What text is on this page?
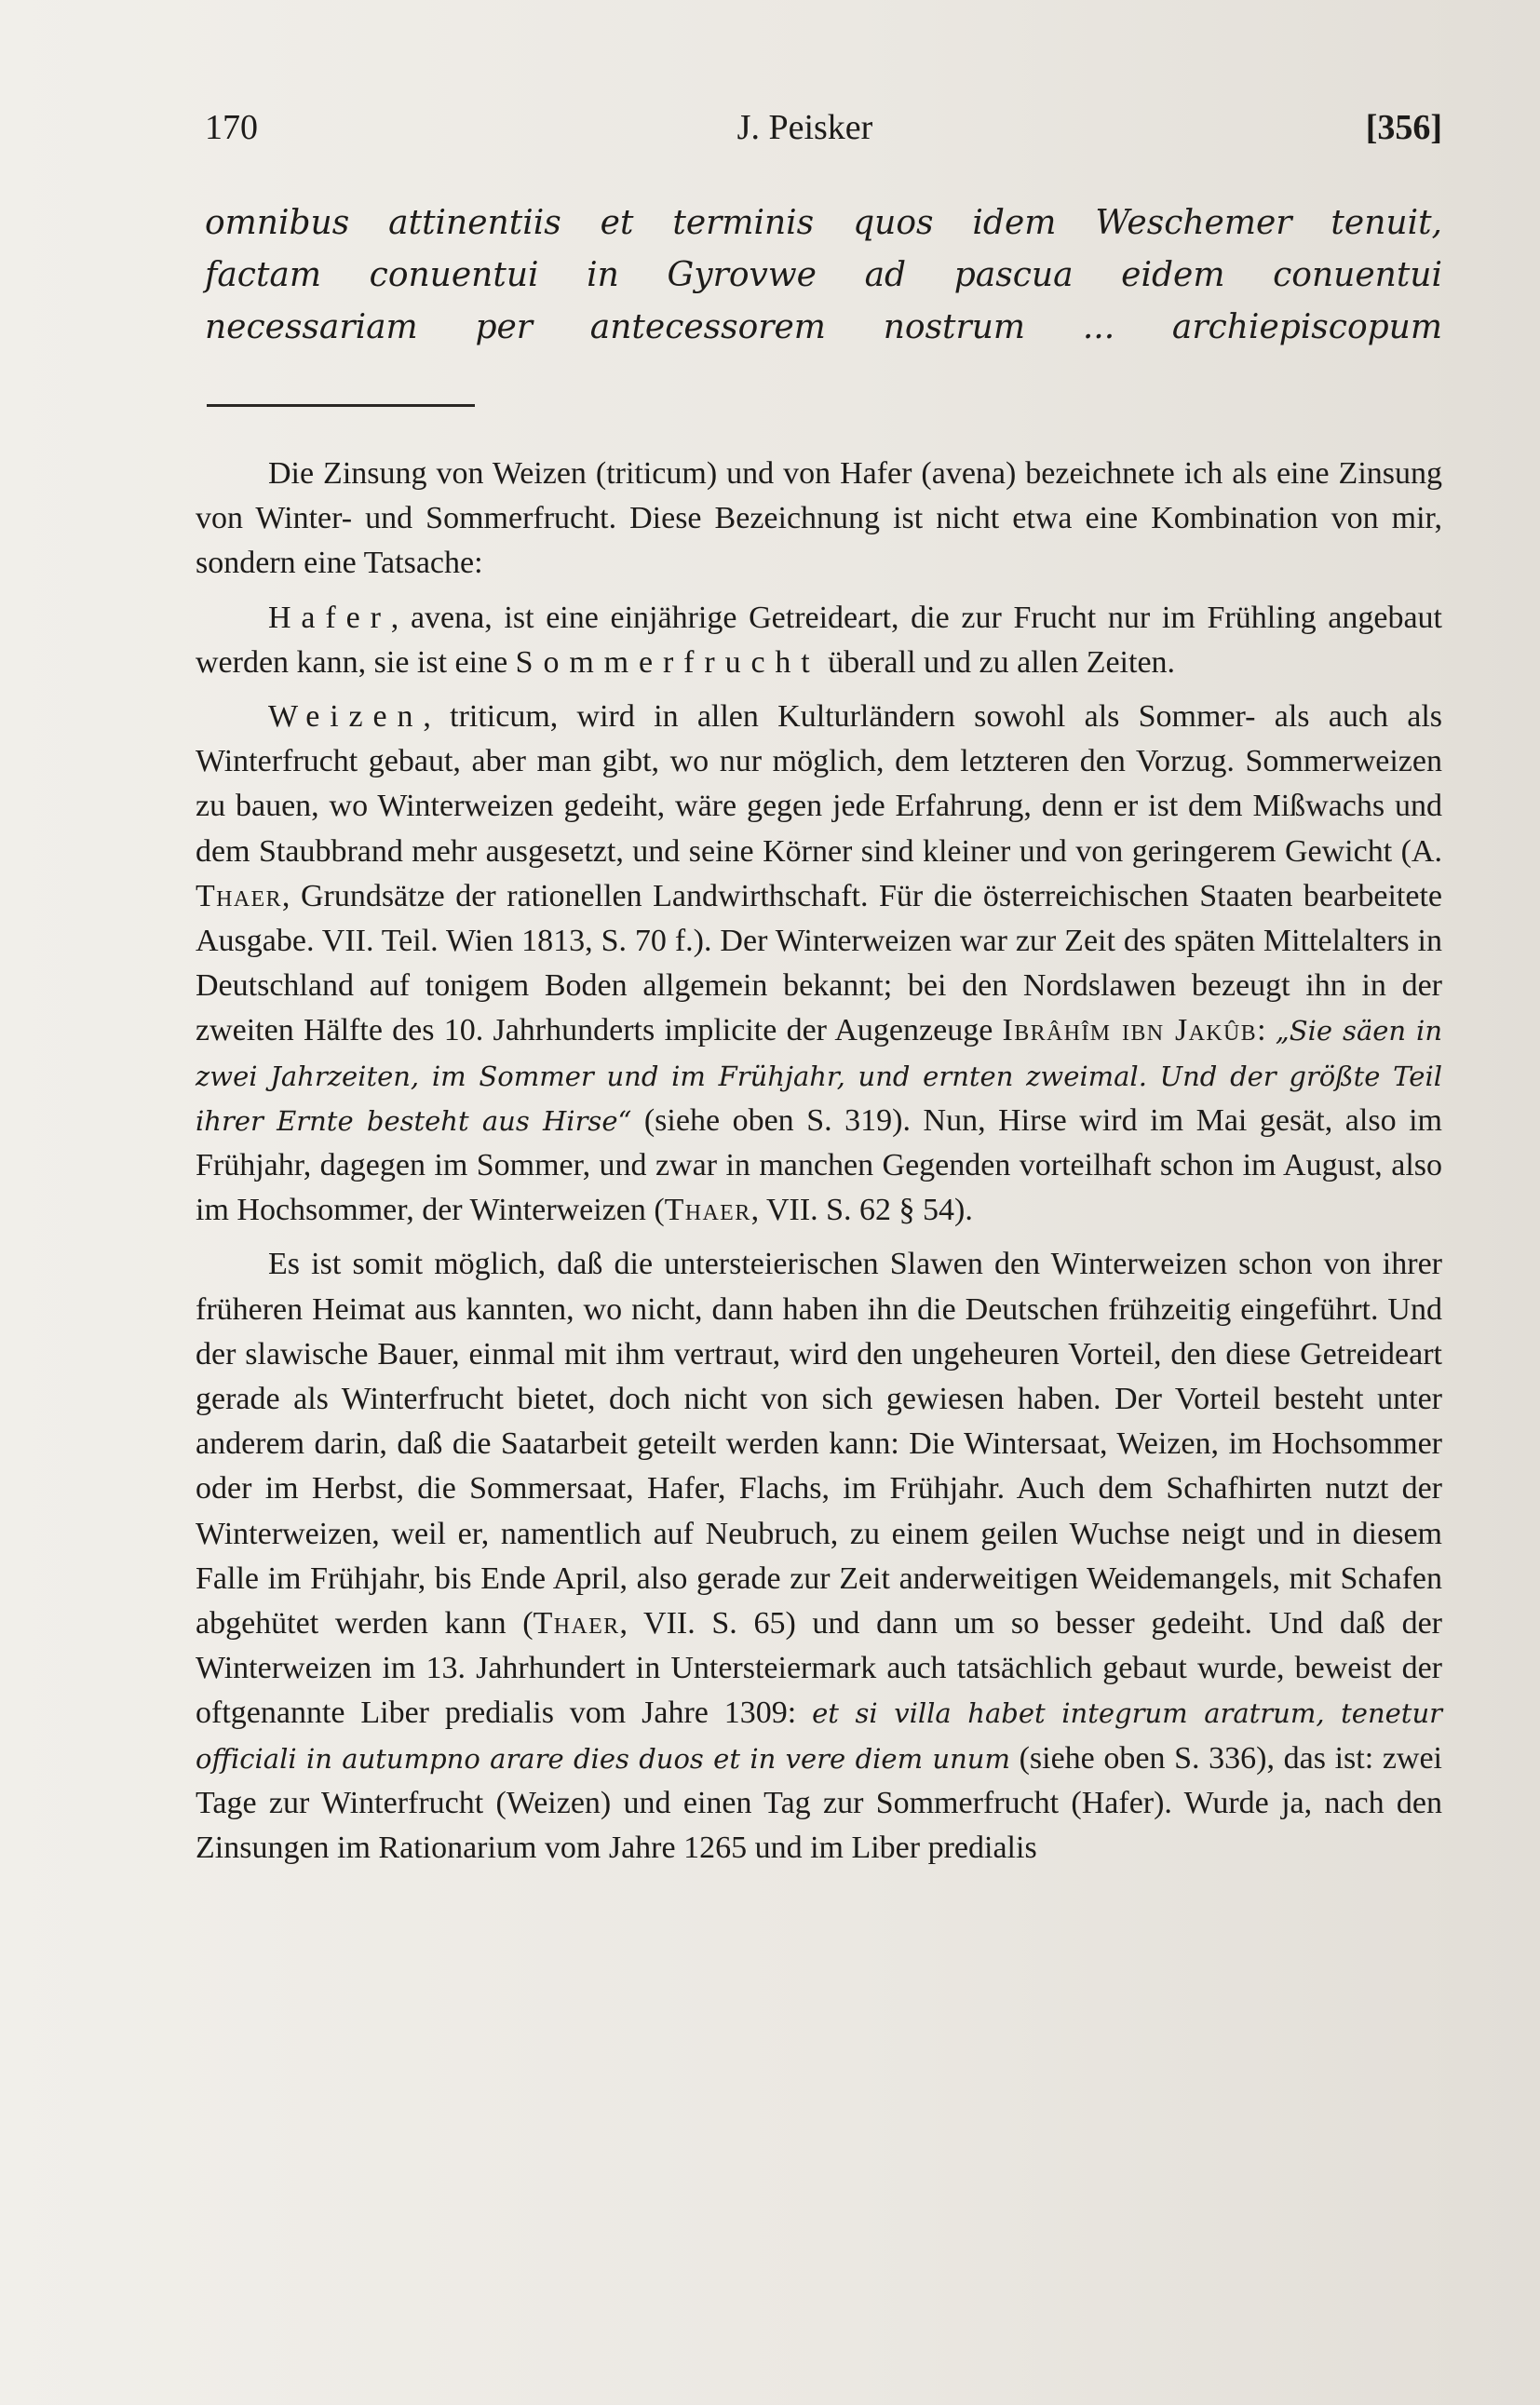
170	J. Peisker	[356]
omnibus attinentiis et terminis quos idem Weschemer tenuit,
factam conuentui in Gyrovwe ad pascua eidem conuentui
necessariam per antecessorem nostrum ... archiepiscopum

Die Zinsung von Weizen (triticum) und von Hafer (avena) bezeichnete ich als eine Zinsung von Winter- und Sommerfrucht. Diese Bezeichnung ist nicht etwa eine Kombination von mir, sondern eine Tatsache:

Hafer, avena, ist eine einjährige Getreideart, die zur Frucht nur im Frühling angebaut werden kann, sie ist eine Sommerfrucht überall und zu allen Zeiten.

Weizen, triticum, wird in allen Kulturländern sowohl als Sommer- als auch als Winterfrucht gebaut, aber man gibt, wo nur möglich, dem letzteren den Vorzug. Sommerweizen zu bauen, wo Winterweizen gedeiht, wäre gegen jede Erfahrung, denn er ist dem Mißwachs und dem Staubbrand mehr ausgesetzt, und seine Körner sind kleiner und von geringerem Gewicht (A. Thaer, Grundsätze der rationellen Landwirthschaft. Für die österreichischen Staaten bearbeitete Ausgabe. VII. Teil. Wien 1813, S. 70 f.). Der Winterweizen war zur Zeit des späten Mittelalters in Deutschland auf tonigem Boden allgemein bekannt; bei den Nordslawen bezeugt ihn in der zweiten Hälfte des 10. Jahrhunderts implicite der Augenzeuge Ibrâhîm ibn Jakûb: „Sie säen in zwei Jahrzeiten, im Sommer und im Frühjahr, und ernten zweimal. Und der größte Teil ihrer Ernte besteht aus Hirse“ (siehe oben S. 319). Nun, Hirse wird im Mai gesät, also im Frühjahr, dagegen im Sommer, und zwar in manchen Gegenden vorteilhaft schon im August, also im Hochsommer, der Winterweizen (Thaer, VII. S. 62 § 54).

Es ist somit möglich, daß die untersteierischen Slawen den Winterweizen schon von ihrer früheren Heimat aus kannten, wo nicht, dann haben ihn die Deutschen frühzeitig eingeführt. Und der slawische Bauer, einmal mit ihm vertraut, wird den ungeheuren Vorteil, den diese Getreideart gerade als Winterfrucht bietet, doch nicht von sich gewiesen haben. Der Vorteil besteht unter anderem darin, daß die Saatarbeit geteilt werden kann: Die Wintersaat, Weizen, im Hochsommer oder im Herbst, die Sommersaat, Hafer, Flachs, im Frühjahr. Auch dem Schafhirten nutzt der Winterweizen, weil er, namentlich auf Neubruch, zu einem geilen Wuchse neigt und in diesem Falle im Frühjahr, bis Ende April, also gerade zur Zeit anderweitigen Weidemangels, mit Schafen abgehütet werden kann (Thaer, VII. S. 65) und dann um so besser gedeiht. Und daß der Winterweizen im 13. Jahrhundert in Untersteiermark auch tatsächlich gebaut wurde, beweist der oftgenannte Liber predialis vom Jahre 1309: et si villa habet integrum aratrum, tenetur officiali in autumpno arare dies duos et in vere diem unum (siehe oben S. 336), das ist: zwei Tage zur Winterfrucht (Weizen) und einen Tag zur Sommerfrucht (Hafer). Wurde ja, nach den Zinsungen im Rationarium vom Jahre 1265 und im Liber predialis
